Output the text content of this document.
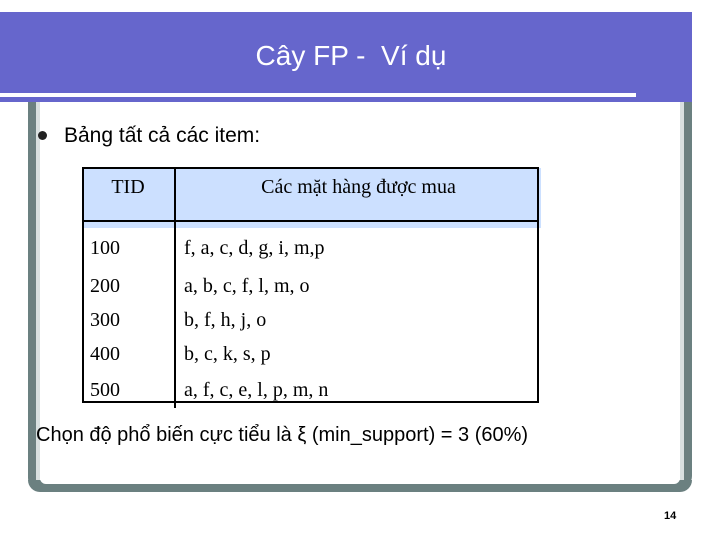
Cây FP -  Ví dụ
Bảng tất cả các item:
TID	Các mặt hàng được mua
100	f, a, c, d, g, i, m,p
200	a, b, c, f, l, m, o
300	b, f, h, j, o
400	b, c, k, s, p
500	a, f, c, e, l, p, m, n
Chọn độ phổ biến cực tiểu là ξ (min_support) = 3 (60%)
14
